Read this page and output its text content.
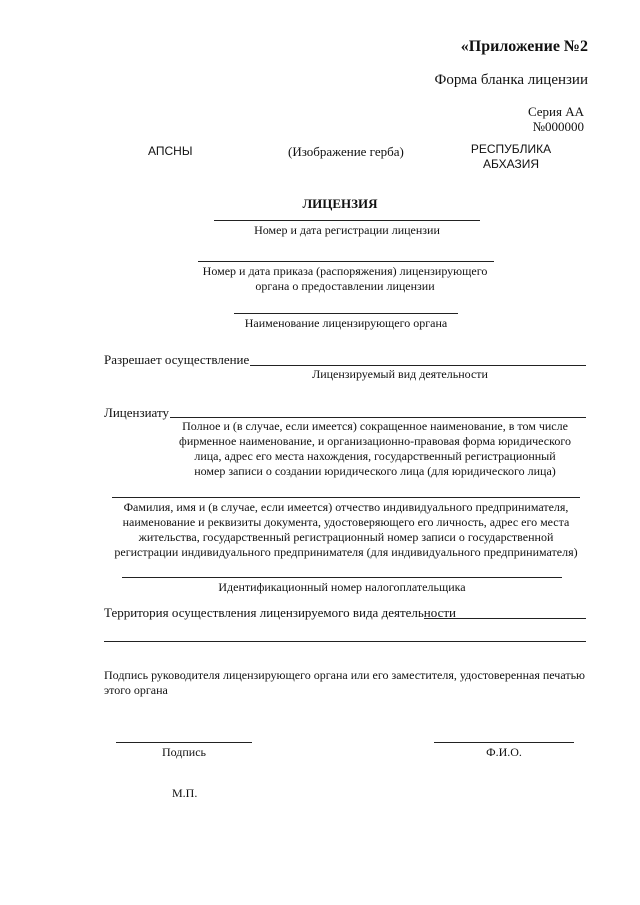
«Приложение №2
Форма бланка лицензии
Серия АА
№000000
АПСНЫ	(Изображение герба)	РЕСПУБЛИКА
АБХАЗИЯ
ЛИЦЕНЗИЯ
Номер и дата регистрации лицензии
Номер и дата приказа (распоряжения) лицензирующего
органа о предоставлении лицензии
Наименование лицензирующего органа
Разрешает осуществление
Лицензируемый вид деятельности
Лицензиату
Полное и (в случае, если имеется) сокращенное наименование, в том числе
фирменное наименование, и организационно-правовая форма юридического
лица, адрес его места нахождения, государственный регистрационный
номер записи о создании юридического лица (для юридического лица)
Фамилия, имя и (в случае, если имеется) отчество индивидуального предпринимателя,
наименование и реквизиты документа, удостоверяющего его личность, адрес его места
жительства, государственный регистрационный номер записи о государственной
регистрации индивидуального предпринимателя (для индивидуального предпринимателя)
Идентификационный номер налогоплательщика
Территория осуществления лицензируемого вида деятельности
Подпись руководителя лицензирующего органа или его заместителя, удостоверенная печатью
этого органа
Подпись	Ф.И.О.
М.П.
